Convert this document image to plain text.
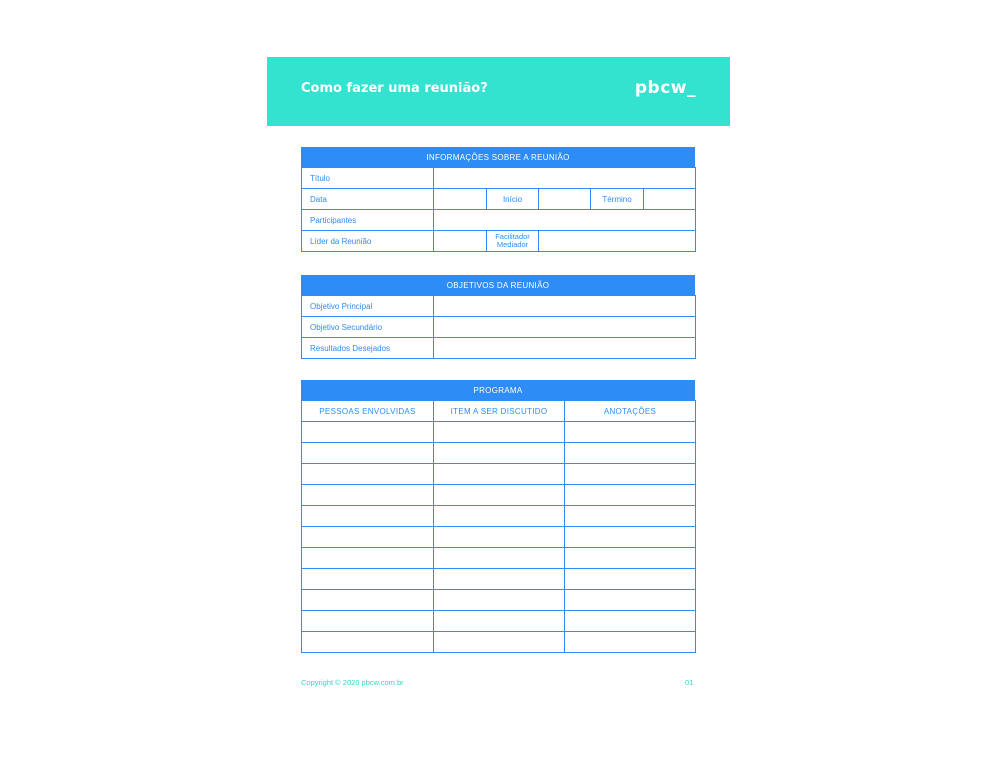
Como fazer uma reunião?	pbcw_
INFORMAÇÕES SOBRE A REUNIÃO
Título					
Data		Início		Término	
Participantes					
Líder da Reunião		Facilitador
Mediador			
OBJETIVOS DA REUNIÃO
Objetivo Principal	
Objetivo Secundário	
Resultados Desejados	
PROGRAMA
PESSOAS ENVOLVIDAS	ITEM A SER DISCUTIDO	ANOTAÇÕES

Copyright © 2020 pbcw.com.br	01
